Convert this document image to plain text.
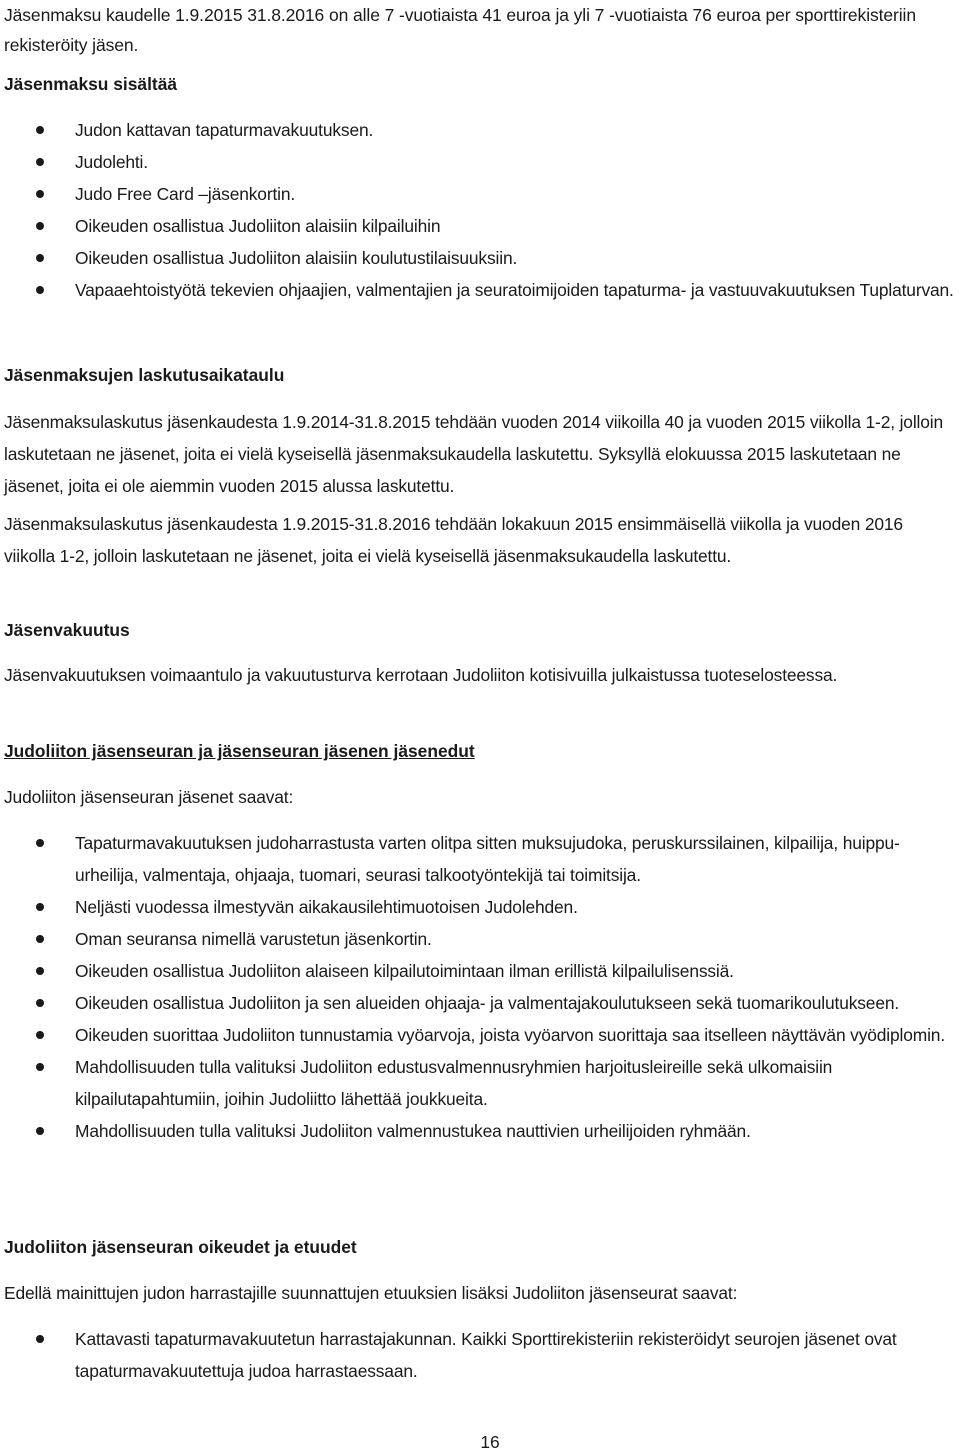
Jäsenmaksu kaudelle 1.9.2015 31.8.2016 on alle 7 -vuotiaista 41 euroa ja yli 7 -vuotiaista 76 euroa per sporttirekisteriin rekisteröity jäsen.

Jäsenmaksu sisältää

Judon kattavan tapaturmavakuutuksen.
Judolehti.
Judo Free Card –jäsenkortin.
Oikeuden osallistua Judoliiton alaisiin kilpailuihin
Oikeuden osallistua Judoliiton alaisiin koulutustilaisuuksiin.
Vapaaehtoistyötä tekevien ohjaajien, valmentajien ja seuratoimijoiden tapaturma- ja vastuuvakuutuksen Tuplaturvan.

Jäsenmaksujen laskutusaikataulu

Jäsenmaksulaskutus jäsenkaudesta 1.9.2014-31.8.2015 tehdään vuoden 2014 viikoilla 40 ja vuoden 2015 viikolla 1-2, jolloin laskutetaan ne jäsenet, joita ei vielä kyseisellä jäsenmaksukaudella laskutettu. Syksyllä elokuussa 2015 laskutetaan ne jäsenet, joita ei ole aiemmin vuoden 2015 alussa laskutettu.

Jäsenmaksulaskutus jäsenkaudesta 1.9.2015-31.8.2016 tehdään lokakuun 2015 ensimmäisellä viikolla ja vuoden 2016 viikolla 1-2, jolloin laskutetaan ne jäsenet, joita ei vielä kyseisellä jäsenmaksukaudella laskutettu.

Jäsenvakuutus

Jäsenvakuutuksen voimaantulo ja vakuutusturva kerrotaan Judoliiton kotisivuilla julkaistussa tuoteselosteessa.

Judoliiton jäsenseuran ja jäsenseuran jäsenen jäsenedut

Judoliiton jäsenseuran jäsenet saavat:

Tapaturmavakuutuksen judoharrastusta varten olitpa sitten muksujudoka, peruskurssilainen, kilpailija, huippu-urheilija, valmentaja, ohjaaja, tuomari, seurasi talkootyöntekijä tai toimitsija.
Neljästi vuodessa ilmestyvän aikakausilehtimuotoisen Judolehden.
Oman seuransa nimellä varustetun jäsenkortin.
Oikeuden osallistua Judoliiton alaiseen kilpailutoimintaan ilman erillistä kilpailulisenssiä.
Oikeuden osallistua Judoliiton ja sen alueiden ohjaaja- ja valmentajakoulutukseen sekä tuomarikoulutukseen.
Oikeuden suorittaa Judoliiton tunnustamia vyöarvoja, joista vyöarvon suorittaja saa itselleen näyttävän vyödiplomin.
Mahdollisuuden tulla valituksi Judoliiton edustusvalmennusryhmien harjoitusleireille sekä ulkomaisiin kilpailutapahtumiin, joihin Judoliitto lähettää joukkueita.
Mahdollisuuden tulla valituksi Judoliiton valmennustukea nauttivien urheilijoiden ryhmään.

Judoliiton jäsenseuran oikeudet ja etuudet

Edellä mainittujen judon harrastajille suunnattujen etuuksien lisäksi Judoliiton jäsenseurat saavat:

Kattavasti tapaturmavakuutetun harrastajakunnan. Kaikki Sporttirekisteriin rekisteröidyt seurojen jäsenet ovat tapaturmavakuutettuja judoa harrastaessaan.
16
